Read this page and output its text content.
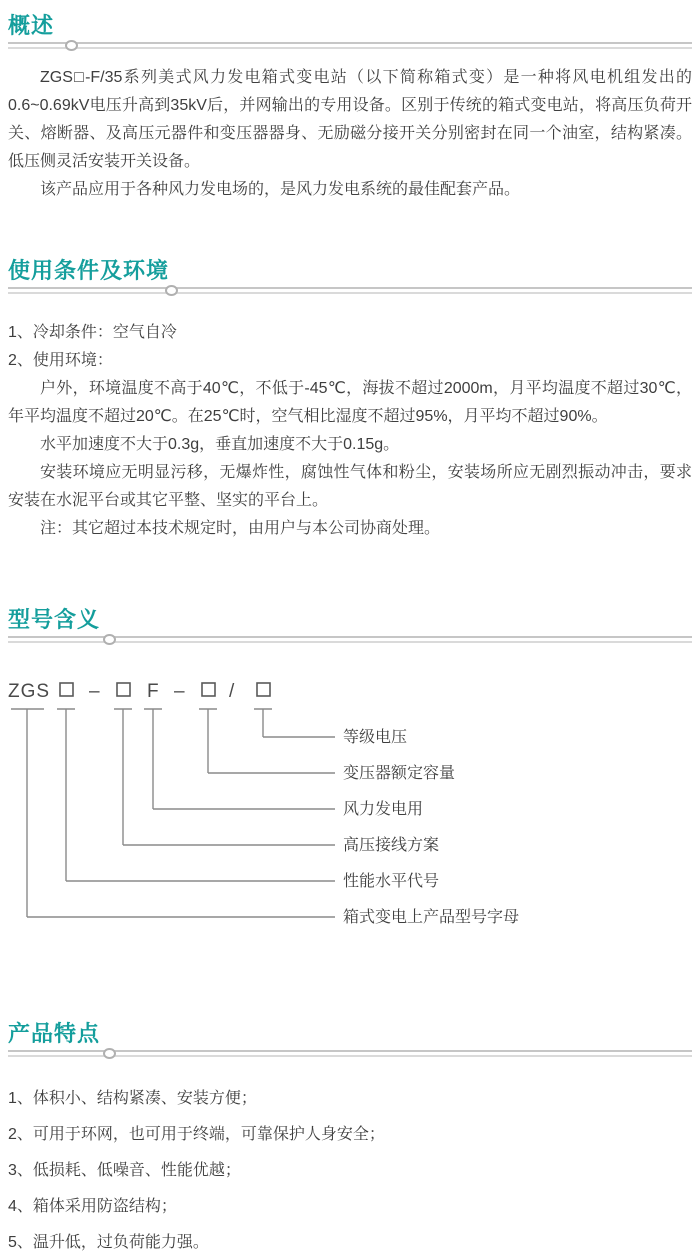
概述

ZGS□-F/35系列美式风力发电箱式变电站（以下简称箱式变）是一种将风电机组发出的0.6~0.69kV电压升高到35kV后，并网输出的专用设备。区别于传统的箱式变电站，将高压负荷开关、熔断器、及高压元器件和变压器器身、无励磁分接开关分别密封在同一个油室，结构紧凑。低压侧灵活安装开关设备。

该产品应用于各种风力发电场的，是风力发电系统的最佳配套产品。

使用条件及环境

1、冷却条件：空气自冷

2、使用环境：

户外，环境温度不高于40℃，不低于-45℃，海拔不超过2000m，月平均温度不超过30℃，年平均温度不超过20℃。在25℃时，空气相比湿度不超过95%，月平均不超过90%。

水平加速度不大于0.3g，垂直加速度不大于0.15g。

安装环境应无明显污移，无爆炸性，腐蚀性气体和粉尘，安装场所应无剧烈振动冲击，要求安装在水泥平台或其它平整、坚实的平台上。

注：其它超过本技术规定时，由用户与本公司协商处理。

型号含义
ZGS – F – /
等级电压
变压器额定容量
风力发电用
高压接线方案
性能水平代号
箱式变电上产品型号字母
产品特点

1、体积小、结构紧凑、安装方便；

2、可用于环网，也可用于终端，可靠保护人身安全；

3、低损耗、低噪音、性能优越；

4、箱体采用防盗结构；

5、温升低，过负荷能力强。
